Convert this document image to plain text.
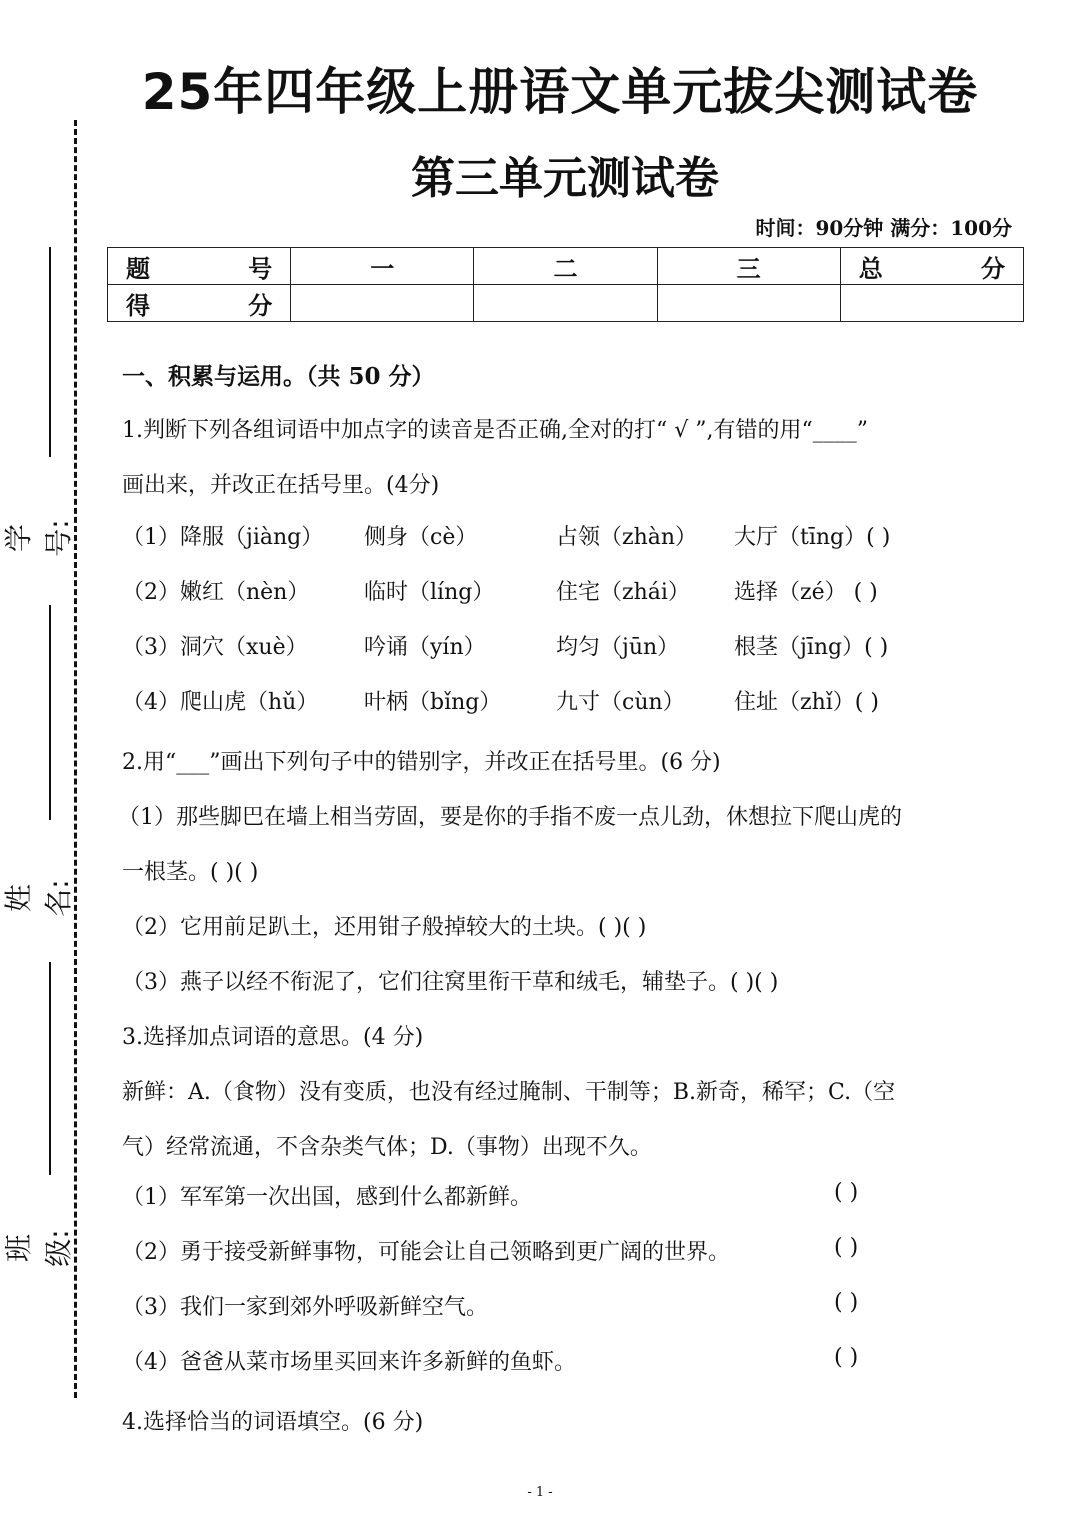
学号:
姓名:
班级:
25年四年级上册语文单元拔尖测试卷
第三单元测试卷
时间：90分钟 满分：100分
题 号	一	二	三	总 分

得 分				

一、积累与运用。（共 50 分）
1.判断下列各组词语中加点字的读音是否正确,全对的打“ √ ”,有错的用“____”
画出来，并改正在括号里。(4分)
（1）降服（jiàng） 侧身（cè）	占领（zhàn） 大厅（tīng）( )
（2）嫩红（nèn） 临时（líng）	住宅（zhái） 选择（zé） ( )
（3）洞穴（xuè）	吟诵（yín）	均匀（jūn） 根茎（jīng）( )
（4）爬山虎（hǔ） 叶柄（bǐng） 九寸（cùn） 住址（zhǐ）( )
2.用“___”画出下列句子中的错别字，并改正在括号里。(6 分)
（1）那些脚巴在墙上相当劳固，要是你的手指不废一点儿劲，休想拉下爬山虎的
一根茎。( )( )
（2）它用前足趴土，还用钳子般掉较大的土块。( )( )
（3）燕子以经不衔泥了，它们往窝里衔干草和绒毛，辅垫子。( )( )
3.选择加点词语的意思。(4 分)
新鲜：A.（食物）没有变质，也没有经过腌制、干制等；B.新奇，稀罕；C.（空
气）经常流通，不含杂类气体；D.（事物）出现不久。
（1）军军第一次出国，感到什么都新鲜。	( )
（2）勇于接受新鲜事物，可能会让自己领略到更广阔的世界。	( )
（3）我们一家到郊外呼吸新鲜空气。	( )
（4）爸爸从菜市场里买回来许多新鲜的鱼虾。	( )
4.选择恰当的词语填空。(6 分)
- 1 -
